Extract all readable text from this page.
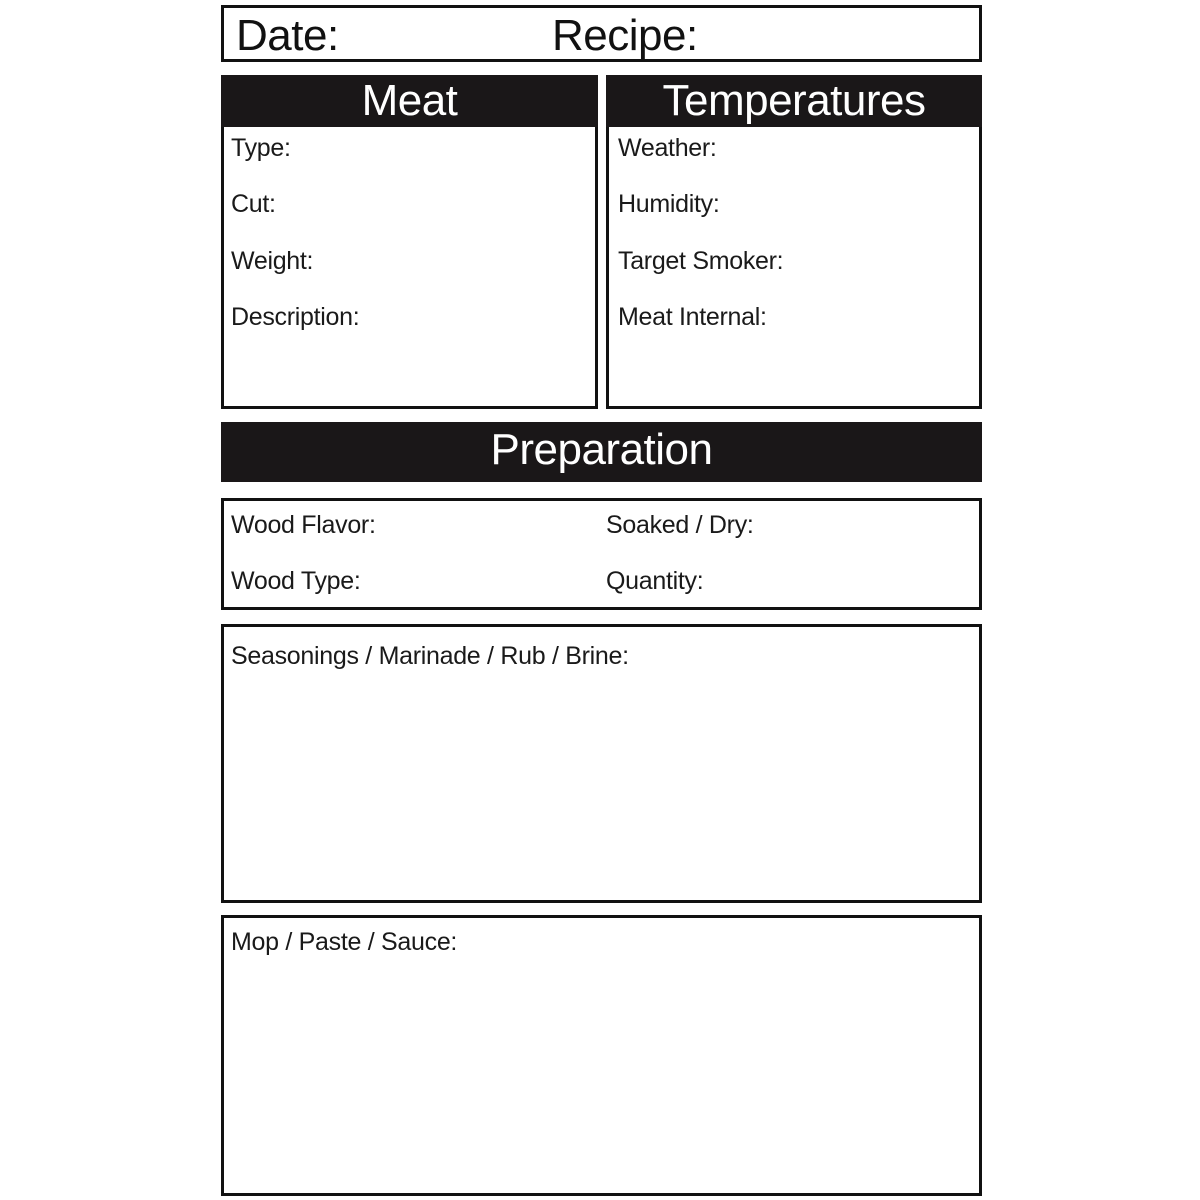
Date:	Recipe:
Meat
Type:
Cut:
Weight:
Description:
Temperatures
Weather:
Humidity:
Target Smoker:
Meat Internal:
Preparation
Wood Flavor:	Soaked / Dry:
Wood Type:	Quantity:
Seasonings / Marinade / Rub / Brine:
Mop / Paste / Sauce:
